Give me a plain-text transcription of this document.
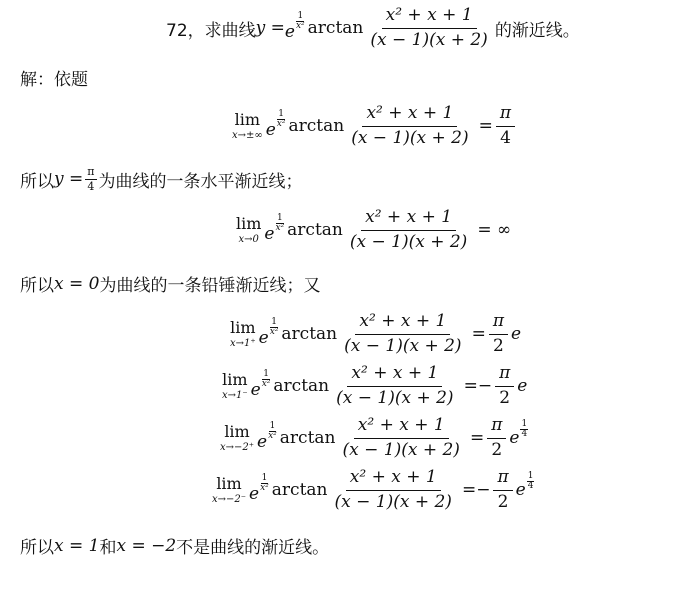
72， 求曲线 y = e
$\frac{1}{\text{x²}}$ $\arctan \frac{\text{x² + x + 1}}{(x - 1)(x + 2)}$ 的渐近线。
解：依题
lim
x→±∞ e
$\frac{1}{\text{x²}}$ $\arctan \frac{\text{x² + x + 1}}{(x - 1)(x + 2)} = \frac{\pi}{4}$
lim
x→0 e
$\frac{1}{\text{x²}}$ $\arctan \frac{\text{x² + x + 1}}{(x - 1)(x + 2)}$ = ∞
lim
x→1⁺ e
$\frac{1}{\text{x²}}$ $\arctan \frac{\text{x² + x + 1}}{(x - 1)(x + 2)} = \frac{\pi}{2}$ e
lim
x→1⁻ e
$\frac{1}{\text{x²}}$ $\arctan \frac{\text{x² + x + 1}}{(x - 1)(x + 2)}$ = − $\frac{\pi}{2}$ e
lim
x→−2⁺ e
$\frac{1}{\text{x²}}$ $\arctan \frac{\text{x² + x + 1}}{(x - 1)(x + 2)} = \frac{\pi}{2}$ e $\frac{1}{4}$
lim
x→−2⁻ e
$\frac{1}{\text{x²}}$ $\arctan \frac{\text{x² + x + 1}}{(x - 1)(x + 2)}$ = − $\frac{\pi}{2}$ e $\frac{1}{4}$
所以 $y = \frac{\pi}{4}$ 为曲线的一条水平渐近线；
所以 x = 0 为曲线的一条铅锤渐近线；又
所以 x = 1 和 x = −2 不是曲线的渐近线。
